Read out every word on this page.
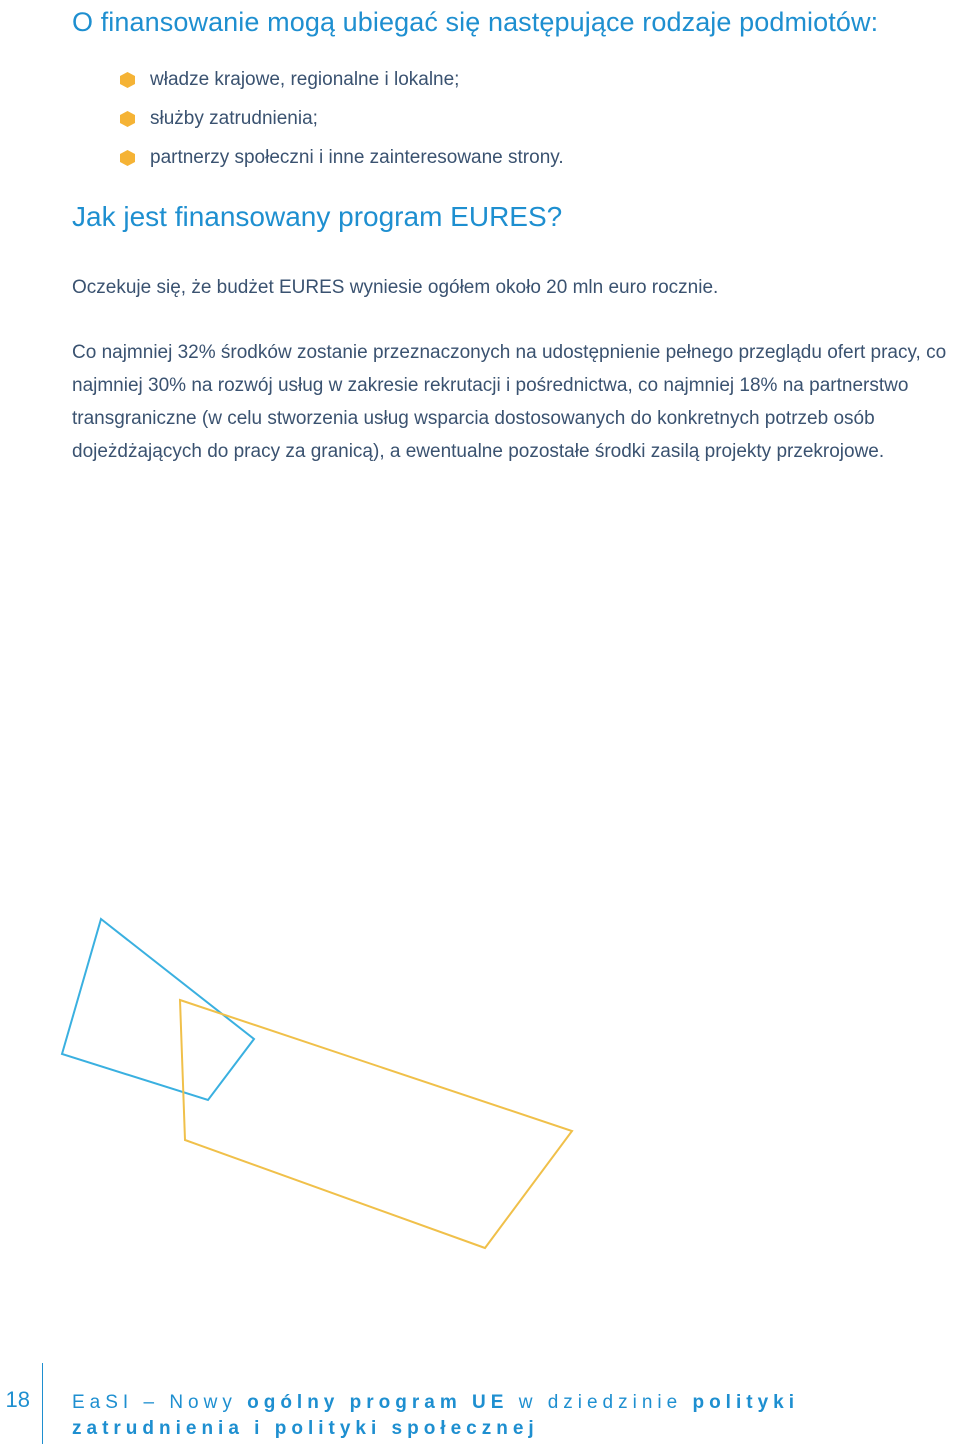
O finansowanie mogą ubiegać się następujące rodzaje podmiotów:
władze krajowe, regionalne i lokalne;
służby zatrudnienia;
partnerzy społeczni i inne zainteresowane strony.
Jak jest finansowany program EURES?

Oczekuje się, że budżet EURES wyniesie ogółem około 20 mln euro rocznie.

Co najmniej 32% środków zostanie przeznaczonych na udostępnienie pełnego przeglądu ofert pracy, co najmniej 30% na rozwój usług w zakresie rekrutacji i pośrednictwa, co najmniej 18% na partnerstwo transgraniczne (w celu stworzenia usług wsparcia dostosowanych do konkretnych potrzeb osób dojeżdżających do pracy za granicą), a ewentualne pozostałe środki zasilą projekty przekrojowe.

18 EaSI – Nowy ogólny program UE w dziedzinie polityki zatrudnienia i polityki społecznej
